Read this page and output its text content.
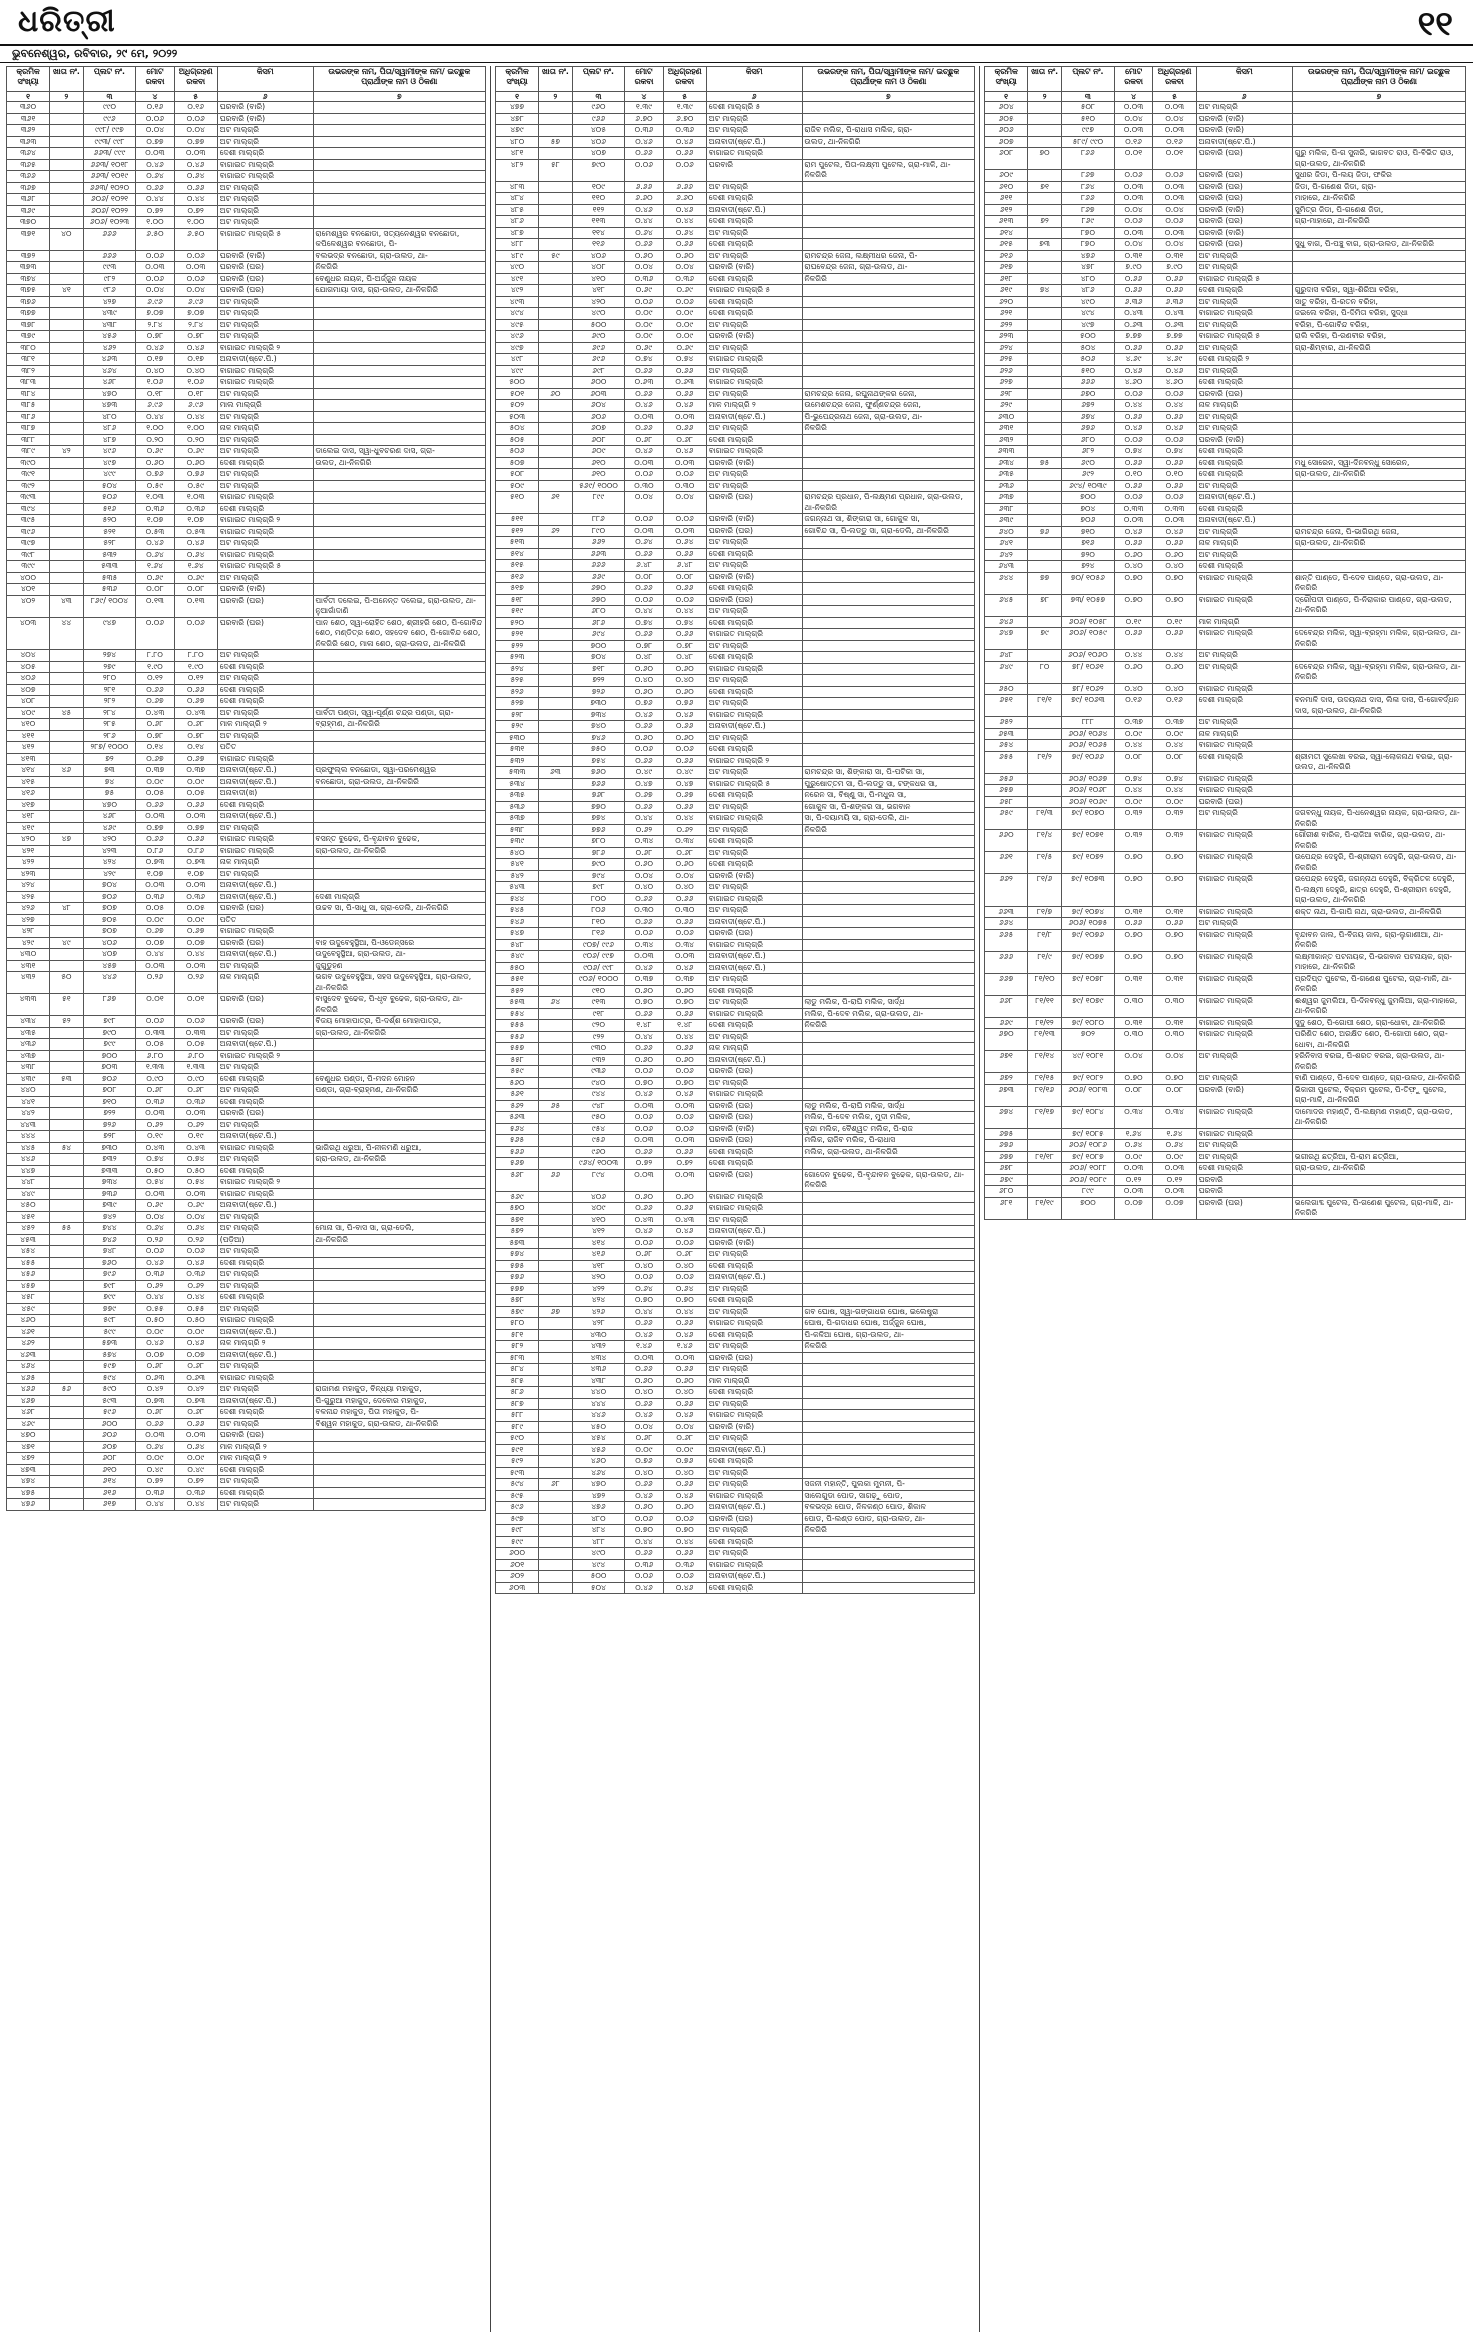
ଧରିତ୍ରୀ	୧୧
ଭୁବନେଶ୍ୱର, ରବିବାର, ୨୯ ମେ, ୨୦୨୨
କ୍ରମିକ ସଂଖ୍ୟା	ଖାତା ନଂ.	ପ୍ଲଟ ନଂ.	ମୋଟ ରକବା	ଅଧିଗ୍ରହଣ ରକବା	କିସମ	ଉଭରଙ୍କ ନାମ, ପିତା/ସ୍ୱାମୀଙ୍କ ନାମ/ ଇଚ୍ଛୁକ ପ୍ରାର୍ଥୀଙ୍କ ନାମ ଓ ଠିକଣା
୧	୨	୩	୪	୫	୬	୭
୩୬୦		୯୯୦	୦.୧୬	୦.୧୬	ଘରବାରି (ବାରି)	
୩୬୧		୯୯୬	୦.୦୬	୦.୦୬	ଘରବାରି (ବାରି)	
୩୬୨		୯୯୮/ ୯୯୭	୦.୦୪	୦.୦୪	ଅଟ ମାଲ୍‌ଗ୍ରି	
୩୬୩		୯୯୩/ ୯୯୮	୦.୭୭	୦.୭୭	ଅଟ ମାଲ୍‌ଗ୍ରି	
୩୬୪		୬୬୩/ ୯୯୯	୦.୦୩	୦.୦୩	ଦେଶୀ ମାଲ୍‌ଗ୍ରି	
୩୬୫		୬୬୩/ ୧୦୧୮	୦.୪୬	୦.୪୬	ବାଗାଇତ ମାଲ୍‌ଗ୍ରି	
୩୬୬		୬୬୩/ ୧୦୧୯	୦.୬୪	୦.୬୪	ବାଗାଇତ ମାଲ୍‌ଗ୍ରି	
୩୬୭		୬୬୩/ ୧୦୨୦	୦.୬୬	୦.୬୬	ଅଟ ମାଲ୍‌ଗ୍ରି	
୩୬୮		୬୦୬/ ୧୦୨୧	୦.୪୪	୦.୪୪	ଅଟ ମାଲ୍‌ଗ୍ରି	
୩୬୯		୬୦୬/ ୧୦୨୨	୦.୭୨	୦.୭୨	ଅଟ ମାଲ୍‌ଗ୍ରି	
୩୭୦		୬୦୬/ ୧୦୨୩	୧.୦୦	୧.୦୦	ଅଟ ମାଲ୍‌ଗ୍ରି	
୩୭୧	୪୦	୬୬୬	୬.୫୦	୬.୫୦	ବାଗାଇତ ମାଲ୍‌ଗ୍ରି ୫	ରାମେଶ୍ୱର ବନଛୋଡା, ସତ୍ୟନେଶ୍ୱର ବନଛୋଡା, କପିଳେଶ୍ୱର ବନଛୋଡା, ପି-
୩୭୨		୬୬୬	୦.୦୬	୦.୦୬	ଘରବାରି (ବାରି)	ବଲଭଦ୍ର ବନଛୋଡା, ଗ୍ରା-ଉଲଡ, ଥା-
୩୭୩		୯୯୩	୦.୦୩	୦.୦୩	ଘରବାରି (ଘର)	ନିଳଗିରି
୩୭୪		୯୮୨	୦.୦୬	୦.୦୬	ଘରବାରି (ଘର)	ବେଣୁଧର ନାୟକ, ପି-ଅର୍ଜ୍ଜୁନ ନାୟକ
୩୭୫	୪୧	୯୮୬	୦.୦୪	୦.୦୪	ଘରବାରି (ଘର)	ଯୋଗମାୟା ଦାସ, ଗ୍ରା-ଉଲଡ, ଥା-ନିଳଗିରି
୩୭୬		୪୨୭	୬.୯୬	୬.୯୬	ଅଟ ମାଲ୍‌ଗ୍ରି	
୩୭୭		୪୩୯	୭.୦୭	୭.୦୭	ଅଟ ମାଲ୍‌ଗ୍ରି	
୩୭୮		୪୩୮	୨.୮୪	୨.୮୪	ଅଟ ମାଲ୍‌ଗ୍ରି	
୩୭୯		୪୫୬	୦.୭୮	୦.୭୮	ଅଟ ମାଲ୍‌ଗ୍ରି	
୩୮୦		୪୬୨	୦.୪୬	୦.୪୬	ବାଗାଇତ ମାଲ୍‌ଗ୍ରି ୨	
୩୮୧		୪୬୩	୦.୧୭	୦.୧୭	ଅନାବାଦୀ(ଷ୍ଟେ.ପି.)	
୩୮୨		୪୬୪	୦.୪୦	୦.୪୦	ବାଗାଇତ ମାଲ୍‌ଗ୍ରି	
୩୮୩		୪୬୮	୧.୦୬	୧.୦୬	ବାଗାଇତ ମାଲ୍‌ଗ୍ରି	
୩୮୪		୪୭୦	୦.୧୮	୦.୧୮	ଅଟ ମାଲ୍‌ଗ୍ରି	
୩୮୫		୪୭୩	୬.୯୬	୬.୯୬	ମାଲ ମାଲ୍‌ଗ୍ରି	
୩୮୬		୪୮୦	୦.୪୪	୦.୪୪	ଅଟ ମାଲ୍‌ଗ୍ରି	
୩୮୭		୪୮୬	୧.୦୦	୧.୦୦	ନାଳ ମାଲ୍‌ଗ୍ରି	
୩୮୮		୪୮୭	୦.୨୦	୦.୨୦	ଅଟ ମାଲ୍‌ଗ୍ରି	
୩୮୯	୪୨	୪୯୬	୦.୬୯	୦.୬୯	ଅଟ ମାଲ୍‌ଗ୍ରି	ଡାଲେଇ ଦାସ, ସ୍ୱା-ଧୁବଚରଣ ଦାସ, ଗ୍ରା-
୩୯୦		୪୯୭	୦.୬୦	୦.୬୦	ଦେଶୀ ମାଲ୍‌ଗ୍ରି	ଉଲଡ, ଥା-ନିଳଗିରି
୩୯୧		୪୯୯	୦.୭୬	୦.୭୬	ଅଟ ମାଲ୍‌ଗ୍ରି	
୩୯୨		୫୦୪	୦.୫୯	୦.୫୯	ଅଟ ମାଲ୍‌ଗ୍ରି	
୩୯୩		୫୦୬	୧.୦୩	୧.୦୩	ବାଗାଇତ ମାଲ୍‌ଗ୍ରି	
୩୯୪		୫୧୬	୦.୩୬	୦.୩୬	ଦେଶୀ ମାଲ୍‌ଗ୍ରି	
୩୯୫		୫୨୦	୧.୦୭	୧.୦୭	ବାଗାଇତ ମାଲ୍‌ଗ୍ରି ୨	
୩୯୬		୫୨୧	୦.୫୩	୦.୫୩	ବାଗାଇତ ମାଲ୍‌ଗ୍ରି	
୩୯୭		୫୨୮	୦.୪୬	୦.୪୬	ଅଟ ମାଲ୍‌ଗ୍ରି	
୩୯୮		୫୩୨	୦.୬୪	୦.୬୪	ବାଗାଇତ ମାଲ୍‌ଗ୍ରି	
୩୯୯		୫୩୩	୧.୬୪	୧.୬୪	ବାଗାଇତ ମାଲ୍‌ଗ୍ରି ୫	
୪୦୦		୫୩୫	୦.୬୯	୦.୬୯	ଅଟ ମାଲ୍‌ଗ୍ରି	
୪୦୧		୫୩୬	୦.୦୮	୦.୦୮	ଘରବାରି (ବାରି)	
୪୦୨	୪୩	୮୬୯/ ୧୦୦୪	୦.୧୩	୦.୧୩	ଘରବାରି (ଘର)	ପାର୍ବତୀ ଦଲେଇ, ପି-ଅନେନ୍ତ ଦଲେଇ, ଗ୍ରା-ଉଲଡ, ଥା-ନୁଆଗାଁଦାଣି
୪୦୩	୪୪	୯୪୭	୦.୦୬	୦.୦୬	ଘରବାରି (ଘର)	ପାନ ଶେଠ, ସ୍ୱା-ରୋହିତ ଶେଠ, ଶ୍ରୀହରି ଶେଠ, ପି-ଗୋବିନ୍ଦ ଶେଠ, ମଣ୍ଡିତ୍ର ଶେଠ, ସହଦେବ ଶେଠ, ପି-ଗୋବିନ୍ଦ ଶେଠ, ନିଳଗିରି ଶେଠ, ମାଳା ଶେଠ, ଗ୍ରା-ଉଲଡ, ଥା-ନିଳଗିରି
୪୦୪		୨୭୪	୮.୮୦	୮.୮୦	ଅଟ ମାଲ୍‌ଗ୍ରି	
୪୦୫		୨୭୯	୧.୯୦	୧.୯୦	ଦେଶୀ ମାଲ୍‌ଗ୍ରି	
୪୦୬		୨୮୦	୦.୧୨	୦.୧୨	ଅଟ ମାଲ୍‌ଗ୍ରି	
୪୦୭		୨୮୧	୦.୬୬	୦.୬୬	ଦେଶୀ ମାଲ୍‌ଗ୍ରି	
୪୦୮		୨୮୨	୦.୬୭	୦.୬୭	ଦେଶୀ ମାଲ୍‌ଗ୍ରି	
୪୦୯	୪୫	୨୮୪	୦.୪୩	୦.୪୩	ଅଟ ମାଲ୍‌ଗ୍ରି	ପାର୍ବତୀ ପଣ୍ଡା, ସ୍ୱା-ପୂର୍ଣ୍ଣ ଚନ୍ଦ୍ର ପଣ୍ଡା, ଗ୍ରା-
୪୧୦		୨୮୫	୦.୬୮	୦.୬୮	ମାଳ ମାଲ୍‌ଗ୍ରି ୨	ବ୍ରାହ୍ମଣ, ଥା-ନିଳଗିରି
୪୧୧		୨୮୬	୦.୭୮	୦.୭୮	ଅଟ ମାଲ୍‌ଗ୍ରି	
୪୧୨		୨୮୭/ ୧୦୦୦	୦.୧୪	୦.୧୪	ପତିତ	
୪୧୩		୭୨	୦.୬୭	୦.୬୭	ବାଗାଇତ ମାଲ୍‌ଗ୍ରି	
୪୧୪	୪୬	୭୩	୦.୩୭	୦.୩୭	ଅନାବାଦୀ(ଷ୍ଟେ.ପି.)	ପ୍ରଫୁଲ୍ଲ ବନଛୋଡା, ସ୍ୱା-ପରମେଶ୍ୱର
୪୧୫		୭୪	୦.୦୯	୦.୦୯	ଅନାବାଦୀ(ଷ୍ଟେ.ପି.)	ବନଛୋଡା, ଗ୍ରା-ଉଲଡ, ଥା-ନିଳଗିରି
୪୧୬		୭୫	୦.୦୫	୦.୦୫	ଅନାବାଦୀ(ଖ)	
୪୧୭		୪୭୦	୦.୬୬	୦.୬୬	ଦେଶୀ ମାଲ୍‌ଗ୍ରି	
୪୧୮		୪୬୮	୦.୦୩	୦.୦୩	ଅନାବାଦୀ(ଷ୍ଟେ.ପି.)	
୪୧୯		୪୬୯	୦.୭୭	୦.୭୭	ଅଟ ମାଲ୍‌ଗ୍ରି	
୪୨୦	୪୭	୪୨୦	୦.୬୬	୦.୬୬	ବାଗାଇତ ମାଲ୍‌ଗ୍ରି	ବସନ୍ତ ବୁଢେକ, ପି-ବୃନ୍ଦାବନ ବୁଢେକ,
୪୨୧		୪୨୩	୦.୮୬	୦.୮୬	ବାଗାଇତ ମାଲ୍‌ଗ୍ରି	ଗ୍ରା-ଉଲଡ, ଥା-ନିଳଗିରି
୪୨୨		୪୨୪	୦.୭୩	୦.୭୩	ନାଳ ମାଲ୍‌ଗ୍ରି	
୪୨୩		୪୨୯	୧.୦୭	୧.୦୭	ଅଟ ମାଲ୍‌ଗ୍ରି	
୪୨୪		୭୦୪	୦.୦୩	୦.୦୩	ଅନାବାଦୀ(ଷ୍ଟେ.ପି.)	
୪୨୫		୭୦୬	୦.୩୬	୦.୩୬	ଅନାବାଦୀ(ଷ୍ଟେ.ପି.)	ଦେଶୀ ମାଲ୍‌ଗ୍ରି
୪୨୬	୪୮	୭୦୭	୦.୦୫	୦.୦୫	ଘରବାରି (ଘର)	ଉଚ୍ଚବ ସା, ପି-ସାଧୁ ସା, ଗ୍ରା-ଡେଲି, ଥା-ନିଳଗିରି
୪୨୭		୭୦୫	୦.୦୯	୦.୦୯	ପତିତ	
୪୨୮		୭୦୭	୦.୬୭	୦.୬୭	ବାଗାଇତ ମାଲ୍‌ଗ୍ରି	
୪୨୯	୪୯	୪୦୬	୦.୦୭	୦.୦୭	ଘରବାରି (ଘର)	ବାହ ଉଦୁବେହୁସ୍ଥିଆ, ପି-ଓଡେନ୍ସରେ
୪୩୦		୪୦୭	୦.୪୪	୦.୪୪	ଅନାବାଦୀ(ଷ୍ଟେ.ପି.)	ଉଦୁବେହୁସ୍ଥିଆ, ଗ୍ରା-ଉଲଡ, ଥା-
୪୩୧		୪୫୭	୦.୦୩	୦.୦୩	ଅଟ ମାଲ୍‌ଗ୍ରି	ଜୁଗୁଡୁହଣ
୪୩୨	୫୦	୪୪୬	୦.୨୬	୦.୨୬	ନାଳ ମାଲ୍‌ଗ୍ରି	ଭଗବ ଉଦୁବେହୁସ୍ଥିଆ, ସହସ ଉଦୁବେହୁସ୍ଥିଆ, ଗ୍ରା-ଉଲଡ, ଥା-ନିଳଗିରି
୪୩୩	୫୧	୮୬୭	୦.୦୧	୦.୦୧	ଘରବାରି (ଘର)	ବାସୁଦେବ ବୁଢେକ, ପି-ଧୃବ ବୁଢେକ, ଗ୍ରା-ଉଲଡ, ଥା-ନିଳଗିରି
୪୩୪	୫୨	୭୯୮	୦.୦୬	୦.୦୬	ଘରବାରି (ଘର)	ବିଜୟ ମୋହାପାତ୍ର, ପି-ଦର୍ଶ୍ଶ ମୋହାପାତ୍ର,
୪୩୫		୭୯୦	୦.୩୩	୦.୩୩	ଅଟ ମାଲ୍‌ଗ୍ରି	ଗ୍ରା-ଉଲଡ, ଥା-ନିଳଗିରି
୪୩୬		୭୯୯	୦.୦୫	୦.୦୫	ଅନାବାଦୀ(ଷ୍ଟେ.ପି.)	
୪୩୭		୭୦୦	୬.୮୦	୬.୮୦	ବାଗାଇତ ମାଲ୍‌ଗ୍ରି ୨	
୪୩୮		୭୦୩	୧.୩୩	୧.୩୩	ଅଟ ମାଲ୍‌ଗ୍ରି	
୪୩୯	୫୩	୭୦୬	୦.୯୦	୦.୯୦	ଦେଶୀ ମାଲ୍‌ଗ୍ରି	ବେଣୁଧର ପଣ୍ଡା, ପି-ମଦନ ମୋହନ
୪୪୦		୭୦୮	୦.୬୮	୦.୬୮	ଅଟ ମାଲ୍‌ଗ୍ରି	ପଣ୍ଡା, ଗ୍ରା-ବ୍ରାହ୍ମଣ, ଥା-ନିଳଗିରି
୪୪୧		୭୧୦	୦.୩୬	୦.୩୬	ଦେଶୀ ମାଲ୍‌ଗ୍ରି	
୪୪୨		୭୨୨	୦.୦୩	୦.୦୩	ଘରବାରି (ଘର)	
୪୪୩		୭୨୬	୦.୬୨	୦.୬୨	ଅଟ ମାଲ୍‌ଗ୍ରି	
୪୪୪		୭୨୮	୦.୧୯	୦.୧୯	ଅନାବାଦୀ(ଷ୍ଟେ.ପି.)	
୪୪୫	୫୪	୭୩୦	୦.୪୩	୦.୪୩	ବାଗାଇତ ମାଲ୍‌ଗ୍ରି	ଭାଗିରଥି ଧରୁଆ, ପି-ନୀଳମଣି ଧରୁଆ,
୪୪୬		୭୩୨	୦.୭୪	୦.୭୪	ଅଟ ମାଲ୍‌ଗ୍ରି	ଗ୍ରା-ଉଲଡ, ଥା-ନିଳଗିରି
୪୪୭		୭୩୩	୦.୫୦	୦.୫୦	ଦେଶୀ ମାଲ୍‌ଗ୍ରି	
୪୪୮		୭୩୪	୦.୫୪	୦.୫୪	ବାଗାଇତ ମାଲ୍‌ଗ୍ରି ୨	
୪୪୯		୭୩୬	୦.୦୩	୦.୦୩	ବାଗାଇତ ମାଲ୍‌ଗ୍ରି	
୪୫୦		୭୩୯	୦.୬୯	୦.୬୯	ଅନାବାଦୀ(ଷ୍ଟେ.ପି.)	
୪୫୧		୭୪୨	୦.୦୪	୦.୦୪	ଅଟ ମାଲ୍‌ଗ୍ରି	
୪୫୨	୫୫	୭୪୪	୦.୬୪	୦.୬୪	ଅଟ ମାଲ୍‌ଗ୍ରି	ମୋନା ସା, ପି-ବାସ ସା, ଗ୍ରା-ଡେଲି,
୪୫୩		୭୪୬	୦.୨୬	୦.୨୬	(ପଡ଼ିଆ)	ଥା-ନିଳଗିରି
୪୫୪		୭୪୮	୦.୦୬	୦.୦୬	ଅଟ ମାଲ୍‌ଗ୍ରି	
୪୫୫		୭୬୦	୦.୪୬	୦.୪୬	ଦେଶୀ ମାଲ୍‌ଗ୍ରି	
୪୫୬		୭୯୬	୦.୩୬	୦.୩୬	ଅଟ ମାଲ୍‌ଗ୍ରି	
୪୫୭		୭୯୮	୦.୬୨	୦.୬୨	ଅଟ ମାଲ୍‌ଗ୍ରି	
୪୫୮		୭୯୯	୦.୪୪	୦.୪୪	ଦେଶୀ ମାଲ୍‌ଗ୍ରି	
୪୫୯		୭୭୯	୦.୫୫	୦.୫୫	ଅଟ ମାଲ୍‌ଗ୍ରି	
୪୬୦		୫୯୮	୦.୫୦	୦.୫୦	ବାଗାଇତ ମାଲ୍‌ଗ୍ରି	
୪୬୧		୫୯୯	୦.୦୯	୦.୦୯	ଅନାବାଦୀ(ଷ୍ଟେ.ପି.)	
୪୬୨		୫୭୩	୦.୪୬	୦.୪୬	ନାଳ ମାଲ୍‌ଗ୍ରି ୨	
୪୬୩		୫୭୪	୦.୦୭	୦.୦୭	ଅନାବାଦୀ(ଷ୍ଟେ.ପି.)	
୪୬୪		୫୯୭	୦.୬୮	୦.୬୮	ଅଟ ମାଲ୍‌ଗ୍ରି	
୪୬୫		୫୯୪	୦.୬୩	୦.୬୩	ବାଗାଇତ ମାଲ୍‌ଗ୍ରି	
୪୬୬	୫୬	୫୯୦	୦.୪୨	୦.୪୨	ଅଟ ମାଲ୍‌ଗ୍ରି	ରାଜାମଣ ମହାକୁଡ, ବିନ୍ଧ୍ୟା ମହାକୁଡ,
୪୬୭		୫୯୩	୦.୭୩	୦.୭୩	ଅନାବାଦୀ(ଷ୍ଟେ.ପି.)	ପି-ଗୁରୁଆ ମହାକୁଡ, ଦେବୋର ମହାକୁଡ,
୪୬୮		୫୯୬	୦.୬୮	୦.୬୮	ଦେଶୀ ମାଲ୍‌ଗ୍ରି	ବଳନାନ୍ଦ ମହାକୁଡ, ପିତା ମହାକୁଡ, ପି-
୪୬୯		୬୦୦	୦.୬୬	୦.୬୬	ଅଟ ମାଲ୍‌ଗ୍ରି	ବିଶ୍ୱନ ମହାକୁଡ, ଗ୍ରା-ଉଲଡ, ଥା-ନିଳଗିରି
୪୭୦		୬୦୬	୦.୦୩	୦.୦୩	ଘରବାରି (ଘର)	
୪୭୧		୬୦୭	୦.୬୪	୦.୬୪	ମାଳ ମାଲ୍‌ଗ୍ରି ୨	
୪୭୨		୬୦୮	୦.୦୯	୦.୦୯	ମାଳ ମାଲ୍‌ଗ୍ରି ୨	
୪୭୩		୬୧୦	୦.୪୯	୦.୪୯	ଦେଶୀ ମାଲ୍‌ଗ୍ରି	
୪୭୪		୬୧୪	୦.୭୨	୦.୭୨	ଅଟ ମାଲ୍‌ଗ୍ରି	
୪୭୫		୬୧୬	୦.୩୬	୦.୩୬	ଦେଶୀ ମାଲ୍‌ଗ୍ରି	
୪୭୬		୬୧୭	୦.୪୪	୦.୪୪	ଅଟ ମାଲ୍‌ଗ୍ରି	
କ୍ରମିକ ସଂଖ୍ୟା	ଖାତା ନଂ.	ପ୍ଲଟ ନଂ.	ମୋଟ ରକବା	ଅଧିଗ୍ରହଣ ରକବା	କିସମ	ଉଭରଙ୍କ ନାମ, ପିତା/ସ୍ୱାମୀଙ୍କ ନାମ/ ଇଚ୍ଛୁକ ପ୍ରାର୍ଥୀଙ୍କ ନାମ ଓ ଠିକଣା
୧	୨	୩	୪	୫	୬	୭
୪୭୭		୯୬୦	୧.୩୯	୧.୩୯	ଦେଶୀ ମାଲ୍‌ଗ୍ରି ୫	
୪୭୮		୯୬୬	୬.୭୦	୬.୭୦	ଅଟ ମାଲ୍‌ଗ୍ରି	
୪୭୯		୪୦୫	୦.୩୬	୦.୩୬	ଅଟ ମାଲ୍‌ଗ୍ରି	ରାଜିବ ମଲିକ, ପି-ରାଧାସ ମଲିକ, ଗ୍ରା-
୪୮୦	୫୭	୪୦୬	୦.୪୬	୦.୪୬	ଅନାବାଦୀ(ଷ୍ଟେ.ପି.)	ଉଲଡ, ଥା-ନିଳଗିରି
୪୮୧		୪୦୭	୦.୬୬	୦.୬୬	ବାଗାଇତ ମାଲ୍‌ଗ୍ରି	
୪୮୨	୫୮	୭୯୦	୦.୦୬	୦.୦୬	ଘରବାରି	ରାମ ପୁଟେଲ, ପିତା-ଲକ୍ଷ୍ମୀ ପୁଟେଲ, ଗ୍ରା-ମାଳି, ଥା-ନିଳଗିରି
୪୮୩		୧୦୯	୬.୬୬	୬.୬୬	ଅଟ ମାଲ୍‌ଗ୍ରି	
୪୮୪		୧୧୦	୬.୬୦	୬.୬୦	ଦେଶୀ ମାଲ୍‌ଗ୍ରି	
୪୮୫		୧୧୨	୦.୪୬	୦.୪୬	ଅନାବାଦୀ(ଷ୍ଟେ.ପି.)	
୪୮୬		୧୧୩	୦.୪୪	୦.୪୪	ଦେଶୀ ମାଲ୍‌ଗ୍ରି	
୪୮୭		୧୧୪	୦.୬୪	୦.୬୪	ଅଟ ମାଲ୍‌ଗ୍ରି	
୪୮୮		୧୧୬	୦.୬୬	୦.୬୬	ଦେଶୀ ମାଲ୍‌ଗ୍ରି	
୪୮୯	୫୯	୪୦୬	୦.୬୦	୦.୬୦	ଅଟ ମାଲ୍‌ଗ୍ରି	ରାମଚନ୍ଦ୍ର ଜେନା, ଲକ୍ଷ୍ମୀଧର ଜେନା, ପି-
୪୯୦		୪୦୮	୦.୦୪	୦.୦୪	ଘରବାରି (ବାରି)	ରାଘବେନ୍ଦ୍ର ଜେନା, ଗ୍ରା-ଉଲଡ, ଥା-
୪୯୧		୪୧୦	୦.୩୬	୦.୩୬	ଦେଶୀ ମାଲ୍‌ଗ୍ରି	ନିଳଗିରି
୪୯୨		୪୧୮	୦.୬୯	୦.୬୯	ବାଗାଇତ ମାଲ୍‌ଗ୍ରି ୫	
୪୯୩		୪୨୦	୦.୦୬	୦.୦୬	ଦେଶୀ ମାଲ୍‌ଗ୍ରି	
୪୯୪		୪୯୦	୦.୦୯	୦.୦୯	ଦେଶୀ ମାଲ୍‌ଗ୍ରି	
୪୯୫		୫୦୦	୦.୦୯	୦.୦୯	ଅଟ ମାଲ୍‌ଗ୍ରି	
୪୯୬		୬୯୦	୦.୦୯	୦.୦୯	ଘରବାରି (ବାରି)	
୪୯୭		୬୯୬	୦.୬୯	୦.୬୯	ଅଟ ମାଲ୍‌ଗ୍ରି	
୪୯୮		୬୯୬	୦.୭୪	୦.୭୪	ବାଗାଇତ ମାଲ୍‌ଗ୍ରି	
୪୯୯		୬୯୮	୦.୬୬	୦.୬୬	ଅଟ ମାଲ୍‌ଗ୍ରି	
୫୦୦		୬୦୦	୦.୬୩	୦.୬୩	ବାଗାଇତ ମାଲ୍‌ଗ୍ରି	
୫୦୧	୬୦	୬୦୩	୦.୬୬	୦.୬୬	ଅଟ ମାଲ୍‌ଗ୍ରି	ରାମଚନ୍ଦ୍ର ଜେନା, ରଘୁନାଥଙ୍କର ଜେନା,
୫୦୨		୬୦୪	୦.୪୬	୦.୪୬	ମାଳ ମାଲ୍‌ଗ୍ରି ୨	ଉମେଶଚନ୍ଦ୍ର ଜେନା, ଫୁର୍ଣ୍ଣଚନ୍ଦ୍ର ଜେନା,
୫୦୩		୬୦୬	୦.୦୩	୦.୦୩	ଅନାବାଦୀ(ଷ୍ଟେ.ପି.)	ପି-ଭୁପେନ୍ଦ୍ରନାଥ ଜେନା, ଗ୍ରା-ଉଲଡ, ଥା-
୫୦୪		୬୦୭	୦.୬୬	୦.୬୬	ଅଟ ମାଲ୍‌ଗ୍ରି	ନିଳଗିରି
୫୦୫		୬୦୮	୦.୬୮	୦.୬୮	ଦେଶୀ ମାଲ୍‌ଗ୍ରି	
୫୦୬		୬୦୯	୦.୪୬	୦.୪୬	ବାଗାଇତ ମାଲ୍‌ଗ୍ରି	
୫୦୭		୬୧୦	୦.୦୩	୦.୦୩	ଘରବାରି (ବାରି)	
୫୦୮		୬୧୦	୦.୦୬	୦.୦୬	ଅଟ ମାଲ୍‌ଗ୍ରି	
୫୦୯		୫୬୯/ ୧୦୦୦	୦.୩୦	୦.୩୦	ଅଟ ମାଲ୍‌ଗ୍ରି	
୫୧୦	୬୧	୮୯୯	୦.୦୪	୦.୦୪	ଘରବାରି (ଘର)	ରାମଚନ୍ଦ୍ର ପ୍ରଧାନ, ପି-ଲକ୍ଷ୍ମଣ ପ୍ରଧାନ, ଗ୍ରା-ଉଲଡ, ଥା-ନିଳଗିରି
୫୧୧		୮୮୬	୦.୦୬	୦.୦୬	ଘରବାରି (ବାରି)	ଜଗନ୍ନାଥ ସା, ଶିଙ୍କାରା ସା, ଗୋକୁଳ ସା,
୫୧୨	୬୨	୮୯୦	୦.୦୩	୦.୦୩	ଘରବାରି (ଘର)	ଗୋବିନ୍ଦ ସା, ପି-ଲଡ୍ଡୁ ସା, ଗ୍ରା-ଡେଲି, ଥା-ନିଳଗିରି
୫୧୩		୬୬୨	୦.୬୪	୦.୬୪	ଅଟ ମାଲ୍‌ଗ୍ରି	
୫୧୪		୬୬୩	୦.୬୬	୦.୬୬	ଦେଶୀ ମାଲ୍‌ଗ୍ରି	
୫୧୫		୬୬୬	୬.୪୮	୬.୪୮	ଅଟ ମାଲ୍‌ଗ୍ରି	
୫୧୬		୬୬୯	୦.୦୮	୦.୦୮	ଘରବାରି (ବାରି)	
୫୧୭		୬୭୦	୦.୬୬	୦.୬୬	ଦେଶୀ ମାଲ୍‌ଗ୍ରି	
୫୧୮		୬୭୦	୦.୦୬	୦.୦୬	ଘରବାରି (ଘର)	
୫୧୯		୬୮୦	୦.୪୪	୦.୪୪	ଅଟ ମାଲ୍‌ଗ୍ରି	
୫୨୦		୬୮୬	୦.୭୪	୦.୭୪	ଦେଶୀ ମାଲ୍‌ଗ୍ରି	
୫୨୧		୬୯୪	୦.୬୬	୦.୬୬	ବାଗାଇତ ମାଲ୍‌ଗ୍ରି	
୫୨୨		୭୦୦	୦.୭୮	୦.୭୮	ଅଟ ମାଲ୍‌ଗ୍ରି	
୫୨୩		୭୦୪	୦.୪୮	୦.୪୮	ଦେଶୀ ମାଲ୍‌ଗ୍ରି	
୫୨୪		୭୧୮	୦.୬୦	୦.୬୦	ବାଗାଇତ ମାଲ୍‌ଗ୍ରି	
୫୨୫		୭୨୨	୦.୪୦	୦.୪୦	ଅଟ ମାଲ୍‌ଗ୍ରି	
୫୨୬		୭୨୬	୦.୬୦	୦.୬୦	ଦେଶୀ ମାଲ୍‌ଗ୍ରି	
୫୨୭		୭୩୦	୦.୭୬	୦.୭୬	ଅଟ ମାଲ୍‌ଗ୍ରି	
୫୨୮		୭୩୪	୦.୪୬	୦.୪୬	ବାଗାଇତ ମାଲ୍‌ଗ୍ରି	
୫୨୯		୭୪୦	୦.୬୬	୦.୬୬	ଅନାବାଦୀ(ଷ୍ଟେ.ପି.)	
୫୩୦		୭୪୬	୦.୬୦	୦.୬୦	ଅଟ ମାଲ୍‌ଗ୍ରି	
୫୩୧		୭୫୦	୦.୦୬	୦.୦୬	ଦେଶୀ ମାଲ୍‌ଗ୍ରି	
୫୩୨		୭୫୪	୦.୬୬	୦.୬୬	ବାଗାଇତ ମାଲ୍‌ଗ୍ରି ୨	
୫୩୩	୬୩	୭୬୦	୦.୪୯	୦.୪୯	ଅଟ ମାଲ୍‌ଗ୍ରି	ରାମଚନ୍ଦ୍ର ସା, ଶିଙ୍କାରା ସା, ପି-ପଟିକା ସା,
୫୩୪		୭୬୬	୦.୪୭	୦.୪୭	ବାଗାଇତ ମାଲ୍‌ଗ୍ରି ୫	ପୁରୁଷୋତ୍ତମ ସା, ପି-ଲଡ୍ଡୁ ସା, ଟଙ୍କଧର ସା,
୫୩୫		୭୬୮	୦.୬୭	୦.୬୭	ଦେଶୀ ମାଲ୍‌ଗ୍ରି	ନରେନ ସା, ବିଷ୍ଣୁ ସା, ପି-ମଧୁଲ ସା,
୫୩୬		୭୭୦	୦.୬୬	୦.୬୬	ଅଟ ମାଲ୍‌ଗ୍ରି	ଗୋକୁଳ ସା, ପି-ଶଙ୍କର ସା, ଭଗବାନ
୫୩୭		୭୭୪	୦.୪୪	୦.୪୪	ବାଗାଇତ ମାଲ୍‌ଗ୍ରି	ସା, ପି-ଦୟାମୟି ସା, ଗ୍ରା-ଡେଲି, ଥା-
୫୩୮		୭୭୬	୦.୬୨	୦.୬୨	ଅଟ ମାଲ୍‌ଗ୍ରି	ନିଳଗିରି
୫୩୯		୭୮୦	୦.୩୪	୦.୩୪	ଦେଶୀ ମାଲ୍‌ଗ୍ରି	
୫୪୦		୭୮୬	୦.୬୮	୦.୬୮	ଅଟ ମାଲ୍‌ଗ୍ରି	
୫୪୧		୭୯୦	୦.୬୦	୦.୬୦	ଦେଶୀ ମାଲ୍‌ଗ୍ରି	
୫୪୨		୭୯୪	୦.୦୪	୦.୦୪	ଘରବାରି (ବାରି)	
୫୪୩		୭୯୮	୦.୪୦	୦.୪୦	ଅଟ ମାଲ୍‌ଗ୍ରି	
୫୪୪		୮୦୦	୦.୬୬	୦.୬୬	ବାଗାଇତ ମାଲ୍‌ଗ୍ରି	
୫୪୫		୮୦୬	୦.୩୦	୦.୩୦	ଅଟ ମାଲ୍‌ଗ୍ରି	
୫୪୬		୮୧୦	୦.୬୬	୦.୬୬	ଅନାବାଦୀ(ଷ୍ଟେ.ପି.)	
୫୪୭		୮୧୬	୦.୦୬	୦.୦୬	ଘରବାରି (ଘର)	
୫୪୮		୯୦୭/ ୯୯୬	୦.୩୪	୦.୩୪	ବାଗାଇତ ମାଲ୍‌ଗ୍ରି	
୫୪୯		୯୦୬/ ୯୯୭	୦.୦୩	୦.୦୩	ଅନାବାଦୀ(ଷ୍ଟେ.ପି.)	
୫୫୦		୯୦୬/ ୯୯୮	୦.୪୬	୦.୪୬	ଅନାବାଦୀ(ଷ୍ଟେ.ପି.)	
୫୫୧		୯୦୬/ ୧୦୦୦	୦.୩୭	୦.୩୭	ଅଟ ମାଲ୍‌ଗ୍ରି	
୫୫୨		୯୧୦	୦.୬୦	୦.୬୦	ଦେଶୀ ମାଲ୍‌ଗ୍ରି	
୫୫୩	୬୪	୯୧୩	୦.୭୦	୦.୭୦	ଅଟ ମାଲ୍‌ଗ୍ରି	ଲାଡୁ ମଲିକ, ପି-ରାଘି ମଲିକ, ସାର୍ଦ୍ଧ
୫୫୪		୯୧୮	୦.୬୬	୦.୬୬	ବାଗାଇତ ମାଲ୍‌ଗ୍ରି	ମଲିକ, ପି-ଦେବ ମଲିକ, ଗ୍ରା-ଉଲଡ, ଥା-
୫୫୫		୯୨୦	୧.୪୮	୧.୪୮	ଦେଶୀ ମାଲ୍‌ଗ୍ରି	ନିଳଗିରି
୫୫୬		୯୨୨	୦.୪୪	୦.୪୪	ଅଟ ମାଲ୍‌ଗ୍ରି	
୫୫୭		୯୩୦	୦.୬୬	୦.୬୬	ନାଳ ମାଲ୍‌ଗ୍ରି	
୫୫୮		୯୩୨	୦.୬୦	୦.୬୦	ଅନାବାଦୀ(ଷ୍ଟେ.ପି.)	
୫୫୯		୯୩୬	୦.୦୬	୦.୦୬	ଘରବାରି (ଘର)	
୫୬୦		୯୪୦	୦.୭୦	୦.୭୦	ଅଟ ମାଲ୍‌ଗ୍ରି	
୫୬୧		୯୪୪	୦.୪୬	୦.୪୬	ବାଗାଇତ ମାଲ୍‌ଗ୍ରି	
୫୬୨	୬୫	୯୪୮	୦.୦୩	୦.୦୩	ଘରବାରି (ଘର)	ଲାଡୁ ମଲିକ, ପି-ରାଘି ମଲିକ, ସାର୍ଦ୍ଧ
୫୬୩		୯୫୦	୦.୦୬	୦.୦୬	ଘରବାରି (ଘର)	ମଲିକ, ପି-ଦେବ ମଲିକ, ମୁଦୀ ମଲିକ,
୫୬୪		୯୫୪	୦.୦୬	୦.୦୬	ଘରବାରି (ବାରି)	ବୃନ୍ଦା ମଲିକ, ବୈଶ୍ୱତ ମଲିକ, ପି-ରାଜ
୫୬୫		୯୫୬	୦.୦୩	୦.୦୩	ଘରବାରି (ଘର)	ମଲିକ, ରାଜିବ ମଲିକ, ପି-ରାଧାସ
୫୬୬		୯୬୦	୦.୬୬	୦.୬୬	ଦେଶୀ ମାଲ୍‌ଗ୍ରି	ମଲିକ, ଗ୍ରା-ଉଲଡ, ଥା-ନିଳଗିରି
୫୬୭		୯୬୪/ ୧୦୦୩	୦.୭୨	୦.୭୨	ଦେଶୀ ମାଲ୍‌ଗ୍ରି	
୫୬୮	୬୬	୮୯୪	୦.୦୩	୦.୦୩	ଘରବାରି (ଘର)	ଗୋଦେନ ବୁଢେକ, ପି-ବୃନ୍ଦାବନ ବୁଢେକ, ଗ୍ରା-ଉଲଡ, ଥା-ନିଳଗିରି
୫୬୯		୪୦୬	୦.୬୦	୦.୬୦	ବାଗାଇତ ମାଲ୍‌ଗ୍ରି	
୫୭୦		୪୦୯	୦.୬୬	୦.୬୬	ବାଗାଇତ ମାଲ୍‌ଗ୍ରି	
୫୭୧		୪୧୦	୦.୪୩	୦.୪୩	ଅଟ ମାଲ୍‌ଗ୍ରି	
୫୭୨		୪୧୨	୦.୪୬	୦.୪୬	ଅନାବାଦୀ(ଷ୍ଟେ.ପି.)	
୫୭୩		୪୧୪	୦.୦୬	୦.୦୬	ଘରବାରି (ବାରି)	
୫୭୪		୪୧୬	୦.୬୮	୦.୬୮	ଅଟ ମାଲ୍‌ଗ୍ରି	
୫୭୫		୪୧୮	୦.୪୦	୦.୪୦	ଦେଶୀ ମାଲ୍‌ଗ୍ରି	
୫୭୬		୪୨୦	୦.୦୬	୦.୦୬	ଅନାବାଦୀ(ଷ୍ଟେ.ପି.)	
୫୭୭		୪୨୨	୦.୬୪	୦.୬୪	ଅଟ ମାଲ୍‌ଗ୍ରି	
୫୭୮		୪୨୪	୦.୭୦	୦.୭୦	ଦେଶୀ ମାଲ୍‌ଗ୍ରି	
୫୭୯	୬୭	୪୨୬	୦.୪୪	୦.୪୪	ଅଟ ମାଲ୍‌ଗ୍ରି	ଗବ ଘୋଷ, ସ୍ୱା-ଗଙ୍ଗାଧର ଘୋଷ, ଇଲେଷ୍ଟ୍ରା
୫୮୦		୪୨୮	୦.୬୬	୦.୬୬	ବାଗାଇତ ମାଲ୍‌ଗ୍ରି	ଘୋଷ, ପି-ଗଦାଧର ଘୋଷ, ଅର୍ଜ୍ଜୁନ ଘୋଷ,
୫୮୧		୪୩୦	୦.୪୬	୦.୪୬	ଦେଶୀ ମାଲ୍‌ଗ୍ରି	ପି-କଳିଆ ଘୋଷ, ଗ୍ରା-ଉଲଡ, ଥା-
୫୮୨		୪୩୨	୧.୪୬	୧.୪୬	ଅଟ ମାଲ୍‌ଗ୍ରି	ନିଳଗିରି
୫୮୩		୪୩୪	୦.୦୩	୦.୦୩	ଘରବାରି (ଘର)	
୫୮୪		୪୩୬	୦.୬୬	୦.୬୬	ଅଟ ମାଲ୍‌ଗ୍ରି	
୫୮୫		୪୩୮	୦.୬୦	୦.୬୦	ମାଳ ମାଲ୍‌ଗ୍ରି	
୫୮୬		୪୪୦	୦.୪୦	୦.୪୦	ଦେଶୀ ମାଲ୍‌ଗ୍ରି	
୫୮୭		୪୪୪	୦.୬୬	୦.୬୬	ଅଟ ମାଲ୍‌ଗ୍ରି	
୫୮୮		୪୪୬	୦.୪୬	୦.୪୬	ବାଗାଇତ ମାଲ୍‌ଗ୍ରି	
୫୮୯		୪୫୦	୦.୦୪	୦.୦୪	ଘରବାରି (ବାରି)	
୫୯୦		୪୫୪	୦.୬୮	୦.୬୮	ଅଟ ମାଲ୍‌ଗ୍ରି	
୫୯୧		୪୫୬	୦.୦୯	୦.୦୯	ଅନାବାଦୀ(ଷ୍ଟେ.ପି.)	
୫୯୨		୪୬୦	୦.୭୬	୦.୭୬	ଦେଶୀ ମାଲ୍‌ଗ୍ରି	
୫୯୩		୪୬୪	୦.୪୦	୦.୪୦	ଅଟ ମାଲ୍‌ଗ୍ରି	
୫୯୪	୬୮	୪୭୦	୦.୬୬	୦.୬୬	ଅଟ ମାଲ୍‌ଗ୍ରି	ସଜନୀ ମହାନ୍ତି, ପୁଲକା ମୁମନୀ, ପି-
୫୯୫		୪୭୨	୦.୪୬	୦.୪୬	ବାଗାଇତ ମାଲ୍‌ଗ୍ରି	ସାଲେଗୁଡା ପୋଡ, ସାଗଢ଼ୁ ପୋଡ,
୫୯୬		୪୭୬	୦.୬୦	୦.୬୦	ଅନାବାଦୀ(ଷ୍ଟେ.ପି.)	ବଳଭଦ୍ର ପୋଡ, ନିଳକଣ୍ଠ ପୋଡ, ଶିକାଳ
୫୯୭		୪୮୦	୦.୦୬	୦.୦୬	ଘରବାରି (ଘର)	ପୋଡ, ପି-ଲଣ୍ଡ ପୋଡ, ଗ୍ରା-ଉଲଡ, ଥା-
୫୯୮		୪୮୪	୦.୭୦	୦.୭୦	ଅଟ ମାଲ୍‌ଗ୍ରି	ନିଳଗିରି
୫୯୯		୪୮୮	୦.୪୪	୦.୪୪	ଦେଶୀ ମାଲ୍‌ଗ୍ରି	
୬୦୦		୪୯୦	୦.୬୬	୦.୬୬	ଅଟ ମାଲ୍‌ଗ୍ରି	
୬୦୧		୪୯୪	୦.୩୬	୦.୩୬	ବାଗାଇତ ମାଲ୍‌ଗ୍ରି	
୬୦୨		୫୦୦	୦.୦୬	୦.୦୬	ଅନାବାଦୀ(ଷ୍ଟେ.ପି.)	
୬୦୩		୫୦୪	୦.୪୬	୦.୪୬	ଦେଶୀ ମାଲ୍‌ଗ୍ରି	
କ୍ରମିକ ସଂଖ୍ୟା	ଖାତା ନଂ.	ପ୍ଲଟ ନଂ.	ମୋଟ ରକବା	ଅଧିଗ୍ରହଣ ରକବା	କିସମ	ଉଭରଙ୍କ ନାମ, ପିତା/ସ୍ୱାମୀଙ୍କ ନାମ/ ଇଚ୍ଛୁକ ପ୍ରାର୍ଥୀଙ୍କ ନାମ ଓ ଠିକଣା
୧	୨	୩	୪	୫	୬	୭
୬୦୪		୫୦୮	୦.୦୩	୦.୦୩	ଅଟ ମାଲ୍‌ଗ୍ରି	
୬୦୫		୫୧୦	୦.୦୪	୦.୦୪	ଘରବାରି (ବାରି)	
୬୦୬		୯୯୭	୦.୦୩	୦.୦୩	ଘରବାରି (ବାରି)	
୬୦୭		୫୮୯/ ୯୯୦	୦.୧୬	୦.୧୬	ଅନାବାଦୀ(ଷ୍ଟେ.ପି.)	
୬୦୮	୭୦	୮୬୬	୦.୦୧	୦.୦୧	ଘରବାରି (ଘର)	ଗୁରୁ ମଲିକ, ପି-ଗ ସୁନାରି, ଭାଗବତ ରାଓ, ପି-ବିଭିତ ରାଓ, ଗ୍ରା-ଉଲଡ, ଥା-ନିଳଗିରି
୬୦୯		୮୬୭	୦.୦୬	୦.୦୬	ଘରବାରି (ଘର)	ସୁଧୀର ଜିଡା, ପି-ଲୟ ଜିଡା, ଫକିର
୬୧୦	୭୧	୮୬୪	୦.୦୩	୦.୦୩	ଘରବାରି (ଘର)	ଜିଡା, ପି-ଗଣେଶ ଜିଡା, ଗ୍ରା-
୬୧୧		୮୬୬	୦.୦୩	୦.୦୩	ଘରବାରି (ଘର)	ମାହାରେ, ଥା-ନିଳଗିରି
୬୧୨		୮୬୭	୦.୦୪	୦.୦୪	ଘରବାରି (ବାରି)	ସୁମିତ୍ର ଜିଡା, ପି-ଗଣେଶ ଜିଡା,
୬୧୩	୭୨	୮୬୯	୦.୦୬	୦.୦୬	ଘରବାରି (ଘର)	ଗ୍ରା-ମାହାରେ, ଥା-ନିଳଗିରି
୬୧୪		୮୭୦	୦.୦୩	୦.୦୩	ଘରବାରି (ବାରି)	
୬୧୫	୭୩	୮୭୦	୦.୦୪	୦.୦୪	ଘରବାରି (ଘର)	ସୁଧୁ ବାଗ, ପି-ପଞ୍ଚୁ ବାଗ, ଗ୍ରା-ଉଲଡ, ଥା-ନିଳଗିରି
୬୧୬		୪୭୬	୦.୩୧	୦.୩୧	ଅଟ ମାଲ୍‌ଗ୍ରି	
୬୧୭		୪୭୮	୭.୯୦	୭.୯୦	ଅଟ ମାଲ୍‌ଗ୍ରି	
୬୧୮		୪୮୦	୦.୬୬	୦.୬୬	ବାଗାଇତ ମାଲ୍‌ଗ୍ରି ୫	
୬୧୯	୭୪	୪୮୬	୦.୬୬	୦.୬୬	ଦେଶୀ ମାଲ୍‌ଗ୍ରି	ଗୁରୁଦାସ ବରିହା, ସ୍ୱା-ଶିରିଆ ବରିହା,
୬୨୦		୪୯୦	୬.୩୬	୬.୩୬	ଅଟ ମାଲ୍‌ଗ୍ରି	ସାତୁ ବରିହା, ପି-ରତନ ବରିହା,
୬୨୧		୪୯୪	୦.୪୩	୦.୪୩	ବାଗାଇତ ମାଲ୍‌ଗ୍ରି	ଜଇଲେ ବରିହା, ପି-ଦିମିତା ବରିହା, ସୁଦ୍ଧା
୬୨୨		୪୯୭	୦.୬୩	୦.୬୩	ଅଟ ମାଲ୍‌ଗ୍ରି	ବରିହା, ପି-ଗୋବିନ୍ଦ ବରିହା,
୬୨୩		୫୦୦	୭.୭୭	୭.୭୭	ବାଗାଇତ ମାଲ୍‌ଗ୍ରି ୫	ରାଲି ବରିହା, ପି-ରଣବୀର ବରିହା,
୬୨୪		୫୦୪	୦.୬୬	୦.୬୬	ଅଟ ମାଲ୍‌ଗ୍ରି	ଗ୍ରା-ଶିମ୍ବାର, ଥା-ନିଳଗିରି
୬୨୫		୫୦୬	୪.୬୯	୪.୬୯	ଦେଶୀ ମାଲ୍‌ଗ୍ରି ୨	
୬୨୬		୫୧୦	୦.୪୬	୦.୪୬	ଅଟ ମାଲ୍‌ଗ୍ରି	
୬୨୭		୬୬୬	୪.୬୦	୪.୬୦	ଦେଶୀ ମାଲ୍‌ଗ୍ରି	
୬୨୮		୬୭୦	୦.୦୬	୦.୦୬	ଘରବାରି (ଘର)	
୬୨୯		୬୭୨	୦.୪୪	୦.୪୪	ନାଳ ମାଲ୍‌ଗ୍ରି	
୬୩୦		୬୭୪	୦.୬୬	୦.୬୬	ଅଟ ମାଲ୍‌ଗ୍ରି	
୬୩୧		୬୭୬	୦.୪୬	୦.୪୬	ଅଟ ମାଲ୍‌ଗ୍ରି	
୬୩୨		୬୮୦	୦.୦୬	୦.୦୬	ଘରବାରି (ବାରି)	
୬୩୩		୬୮୨	୦.୭୪	୦.୭୪	ଦେଶୀ ମାଲ୍‌ଗ୍ରି	
୬୩୪	୭୫	୬୯୦	୦.୬୬	୦.୬୬	ଦେଶୀ ମାଲ୍‌ଗ୍ରି	ମଧୁ ସୋରେନ, ସ୍ୱା-ଦିନବନ୍ଧୁ ସୋରେନ,
୬୩୫		୬୯୨	୦.୧୦	୦.୧୦	ଦେଶୀ ମାଲ୍‌ଗ୍ରି	ଗ୍ରା-ଉଲଡ, ଥା-ନିଳଗିରି
୬୩୬		୬୯୪/ ୧୦୩୯	୦.୬୬	୦.୬୬	ଅଟ ମାଲ୍‌ଗ୍ରି	
୬୩୭		୭୦୦	୦.୦୬	୦.୦୬	ଅନାବାଦୀ(ଷ୍ଟେ.ପି.)	
୬୩୮		୭୦୪	୦.୩୩	୦.୩୩	ଦେଶୀ ମାଲ୍‌ଗ୍ରି	
୬୩୯		୭୦୬	୦.୦୩	୦.୦୩	ଅନାବାଦୀ(ଷ୍ଟେ.ପି.)	
୬୪୦	୭୬	୭୧୦	୦.୪୬	୦.୪୬	ଅଟ ମାଲ୍‌ଗ୍ରି	ରାମଚନ୍ଦ୍ର ଜେନା, ପି-ଭାଗିରଥି ଜେନା,
୬୪୧		୭୧୬	୦.୬୬	୦.୬୬	ନାଳ ମାଲ୍‌ଗ୍ରି	ଗ୍ରା-ଉଲଡ, ଥା-ନିଳଗିରି
୬୪୨		୭୨୦	୦.୬୦	୦.୬୦	ଅଟ ମାଲ୍‌ଗ୍ରି	
୬୪୩		୭୨୪	୦.୪୦	୦.୪୦	ଦେଶୀ ମାଲ୍‌ଗ୍ରି	
୬୪୪	୭୭	୭୦/ ୧୦୫୬	୦.୭୦	୦.୭୦	ବାଗାଇତ ମାଲ୍‌ଗ୍ରି	ଶାନ୍ତି ପାଣ୍ଡେ, ପି-ଦେବ ପାଣ୍ଡେ, ଗ୍ରା-ଉଲଡ, ଥା-ନିଳଗିରି
୬୪୫	୭୮	୭୩/ ୧୦୫୭	୦.୭୦	୦.୭୦	ବାଗାଇତ ମାଲ୍‌ଗ୍ରି	ଦ୍ରୌପଦୀ ପାଣ୍ଡେ, ପି-ନିରାକାର ପାଣ୍ଡେ, ଗ୍ରା-ଉଲଡ, ଥା-ନିଳଗିରି
୬୪୬		୬୦୬/ ୧୦୫୮	୦.୧୯	୦.୧୯	ମାଳ ମାଲ୍‌ଗ୍ରି	
୬୪୭	୭୯	୬୦୬/ ୧୦୫୯	୦.୬୬	୦.୬୬	ବାଗାଇତ ମାଲ୍‌ଗ୍ରି	ଦେବେନ୍ଦ୍ର ମଲିକ, ସ୍ୱା-ବ୍ରହ୍ମା ମଲିକ, ଗ୍ରା-ଉଲଡ, ଥା-ନିଳଗିରି
୬୪୮		୬୦୬/ ୧୦୬୦	୦.୪୪	୦.୪୪	ଅଟ ମାଲ୍‌ଗ୍ରି	
୬୪୯	୮୦	୭୮/ ୧୦୬୧	୦.୬୦	୦.୬୦	ଅଟ ମାଲ୍‌ଗ୍ରି	ଦେବେନ୍ଦ୍ର ମଲିକ, ସ୍ୱା-ବ୍ରହ୍ମା ମଲିକ, ଗ୍ରା-ଉଲଡ, ଥା-ନିଳଗିରି
୬୫୦		୭୮/ ୧୦୬୨	୦.୪୦	୦.୪୦	ବାଗାଇତ ମାଲ୍‌ଗ୍ରି	
୬୫୧	୮୧/୧	୭୯/ ୧୦୬୩	୦.୧୬	୦.୧୬	ଦେଶୀ ମାଲ୍‌ଗ୍ରି	ବନମାଳି ଦାସ, ଉଦୟନାଥ ଦାସ, ଲିଳା ଦାସ, ପି-ଗୋବର୍ଦ୍ଧନ ଦାସ, ଗ୍ରା-ଉଲଡ, ଥା-ନିଳଗିରି
୬୫୨		୮୮୮	୦.୩୭	୦.୩୭	ଅଟ ମାଲ୍‌ଗ୍ରି	
୬୫୩		୬୦୬/ ୧୦୬୪	୦.୦୯	୦.୦୯	ନାଳ ମାଲ୍‌ଗ୍ରି	
୬୫୪		୬୦୬/ ୧୦୬୫	୦.୪୪	୦.୪୪	ବାଗାଇତ ମାଲ୍‌ଗ୍ରି	
୬୫୫	୮୧/୨	୭୯/ ୧୦୬୬	୦.୦୮	୦.୦୮	ଦେଶୀ ମାଲ୍‌ଗ୍ରି	ଶ୍ରୀମତୀ ସୁଲେଖା ବରଇ, ସ୍ୱା-ଲୋକନାଥ ବରଇ, ଗ୍ରା-ଉଲଡ, ଥା-ନିଳଗିରି
୬୫୬		୬୦୬/ ୧୦୬୭	୦.୭୪	୦.୭୪	ବାଗାଇତ ମାଲ୍‌ଗ୍ରି	
୬୫୭		୬୦୬/ ୧୦୬୮	୦.୪୪	୦.୪୪	ବାଗାଇତ ମାଲ୍‌ଗ୍ରି	
୬୫୮		୬୦୬/ ୧୦୬୯	୦.୦୯	୦.୦୯	ଘରବାରି (ଘର)	
୬୫୯	୮୧/୩	୭୯/ ୧୦୭୦	୦.୩୨	୦.୩୨	ଅଟ ମାଲ୍‌ଗ୍ରି	ଜଗବନ୍ଧୁ ନାୟକ, ପି-ଧନେଶ୍ୱର ନାୟକ, ଗ୍ରା-ଉଲଡ, ଥା-ନିଳଗିରି
୬୬୦	୮୧/୪	୭୯/ ୧୦୭୧	୦.୩୨	୦.୩୨	ବାଗାଇତ ମାଲ୍‌ଗ୍ରି	ଗୌରୀଶ ବାରିକ, ପି-ରାଜିଆ ବାରିକ, ଗ୍ରା-ଉଲଡ, ଥା-ନିଳଗିରି
୬୬୧	୮୧/୫	୭୯/ ୧୦୭୨	୦.୭୦	୦.୭୦	ବାଗାଇତ ମାଲ୍‌ଗ୍ରି	ଉପେନ୍ଦ୍ର ଦେହୁରି, ପି-ଶ୍ରୀରାମ ଦେହୁରି, ଗ୍ରା-ଉଲଡ, ଥା-ନିଳଗିରି
୬୬୨	୮୧/୬	୭୯/ ୧୦୭୩	୦.୭୦	୦.୭୦	ବାଗାଇତ ମାଲ୍‌ଗ୍ରି	ଉପେନ୍ଦ୍ର ଦେହୁରି, ଜଗନ୍ନାଥ ଦେହୁରି, ବିକ୍ରିତଳ ଦେହୁରି, ପି-ଲକ୍ଷ୍ମୀ ଦେହୁରି, ଛାତ୍ର ଦେହୁରି, ପି-ଶ୍ରୀରାମ ଦେହୁରି, ଗ୍ରା-ଉଲଡ, ଥା-ନିଳଗିରି
୬୬୩	୮୧/୭	୭୯/ ୧୦୭୪	୦.୩୧	୦.୩୧	ବାଗାଇତ ମାଲ୍‌ଗ୍ରି	ଶକ୍ତ ନାଥ, ପି-ଗାପି ନାଥ, ଗ୍ରା-ଉଲଡ, ଥା-ନିଳଗିରି
୬୬୪		୬୦୬/ ୧୦୭୫	୦.୬୬	୦.୬୬	ଅଟ ମାଲ୍‌ଗ୍ରି	
୬୬୫	୮୧/୮	୭୯/ ୧୦୭୬	୦.୭୦	୦.୭୦	ବାଗାଇତ ମାଲ୍‌ଗ୍ରି	ବୃନ୍ଦାବନ ଜାଲ, ପି-ବିଜୟ ଜାଲ, ଗ୍ରା-ଲୁଗାଣୀଆ, ଥା-ନିଳଗିରି
୬୬୬	୮୧/୯	୭୯/ ୧୦୭୭	୦.୭୦	୦.୭୦	ବାଗାଇତ ମାଲ୍‌ଗ୍ରି	ଲକ୍ଷ୍ମୀକାନ୍ତ ପଟନାୟକ, ପି-ଭଗବାନ ପଟନାୟକ, ଗ୍ରା-ମାହାରେ, ଥା-ନିଳଗିରି
୬୬୭	୮୧/୧୦	୭୯/ ୧୦୭୮	୦.୩୧	୦.୩୧	ବାଗାଇତ ମାଲ୍‌ଗ୍ରି	ପ୍ରଦିପ୍ତ ପୁଟେଲ, ପି-ଗଣେଶ ପୁଟେଲ, ଗ୍ରା-ମାଳି, ଥା-ନିଳଗିରି
୬୬୮	୮୧/୧୧	୭୯/ ୧୦୭୯	୦.୩୦	୦.୩୦	ବାଗାଇତ ମାଲ୍‌ଗ୍ରି	ଈଶ୍ୱର ଜୁମଲିଆ, ପି-ଦିନବନ୍ଧୁ ଜୁମଲିଆ, ଗ୍ରା-ମାହାରେ, ଥା-ନିଳଗିରି
୬୬୯	୮୧/୧୨	୭୯/ ୧୦୮୦	୦.୩୧	୦.୩୧	ବାଗାଇତ ମାଲ୍‌ଗ୍ରି	ସୁଦୁ ଶେଠ, ପି-ଗୋପୀ ଶେଠ, ଗ୍ରା-ଧୋବା, ଥା-ନିଳଗିରି
୬୭୦	୮୧/୧୩	୭୦୨	୦.୩୦	୦.୩୦	ବାଗାଇତ ମାଲ୍‌ଗ୍ରି	ପରିଣିତ ଶେଠ, ଅରକ୍ଷିତ ଶେଠ, ପି-ଗୋପୀ ଶେଠ, ଗ୍ରା-ଧୋବା, ଥା-ନିଳଗିରି
୬୭୧	୮୧/୧୪	୪୯/ ୧୦୮୧	୦.୦୪	୦.୦୪	ଅଟ ମାଲ୍‌ଗ୍ରି	ହରିନିବାସ ବରଇ, ପି-ଶରତ ବରଇ, ଗ୍ରା-ଉଲଡ, ଥା-ନିଳଗିରି
୬୭୨	୮୧/୧୫	୭୯/ ୧୦୮୨	୦.୭୦	୦.୭୦	ଅଟ ମାଲ୍‌ଗ୍ରି	ବାଣି ପାଣ୍ଡେ, ପି-ଦେବ ପାଣ୍ଡେ, ଗ୍ରା-ଉଲଡ, ଥା-ନିଳଗିରି
୬୭୩	୮୧/୧୬	୬୦୬/ ୧୦୮୩	୦.୦୮	୦.୦୮	ଘରବାରି (ବାରି)	ଭିକାରୀ ପୁଟେଲ, ବିକ୍ରମ ପୁଟେଲ, ପି-ତିଫ଼ୁ ପୁଟେଲ, ଗ୍ରା-ମାଳି, ଥା-ନିଳଗିରି
୬୭୪	୮୧/୧୭	୭୯/ ୧୦୮୪	୦.୩୪	୦.୩୪	ବାଗାଇତ ମାଲ୍‌ଗ୍ରି	ଦାମୋଦର ମହାଣ୍ତି, ପି-ଲକ୍ଷ୍ମଣ ମହାଣ୍ତି, ଗ୍ରା-ଉଲଡ, ଥା-ନିଳଗିରି
୬୭୫		୭୯/ ୧୦୮୫	୧.୬୪	୧.୬୪	ବାଗାଇତ ମାଲ୍‌ଗ୍ରି	
୬୭୬		୬୦୬/ ୧୦୮୬	୦.୬୪	୦.୬୪	ଅଟ ମାଲ୍‌ଗ୍ରି	
୬୭୭	୮୧/୧୮	୭୯/ ୧୦୮୭	୦.୦୯	୦.୦୯	ଅଟ ମାଲ୍‌ଗ୍ରି	ଭଗୀରଥି ଛତ୍ରିଆ, ପି-ରାମ ଛତ୍ରିଆ,
୬୭୮		୬୦୬/ ୧୦୮୮	୦.୦୩	୦.୦୩	ଦେଶୀ ମାଲ୍‌ଗ୍ରି	ଗ୍ରା-ଉଲଡ, ଥା-ନିଳଗିରି
୬୭୯		୬୦୬/ ୧୦୮୯	୦.୧୨	୦.୧୨	ଘରବାରି	
୬୮୦		୮୯୯	୦.୦୩	୦.୦୩	ଘରବାରି	
୬୮୧	୮୧/୧୯	୭୦୦	୦.୦୭	୦.୦୭	ଘରବାରି (ଘର)	ଭଲେଗାବ୍ଦ ପୁଟେଲ, ପି-ଗଣେଶ ପୁଟେଲ, ଗ୍ରା-ମାଳି, ଥା-ନିଳଗିରି
